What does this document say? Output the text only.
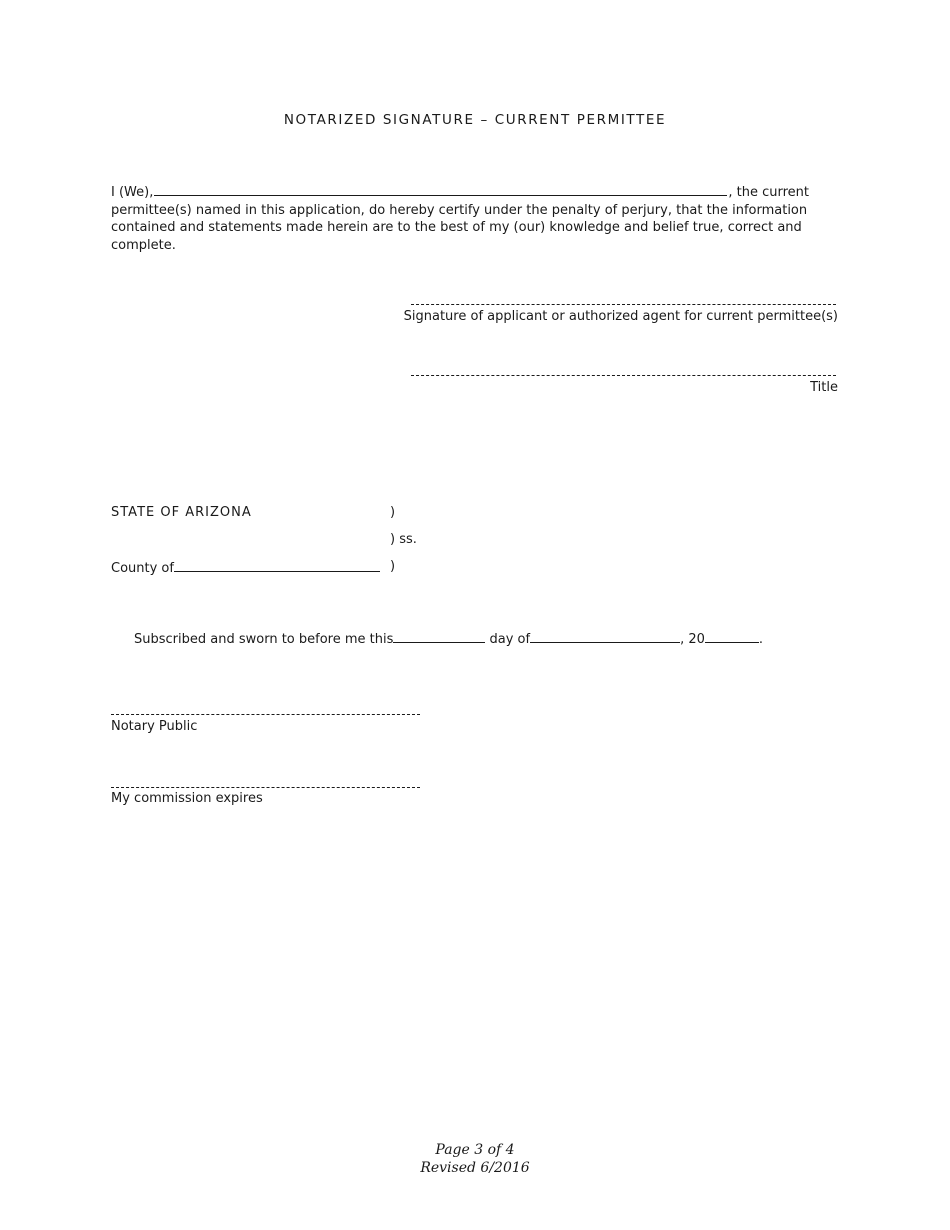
NOTARIZED SIGNATURE – CURRENT PERMITTEE
I (We),	, the current
permittee(s) named in this application, do hereby certify under the penalty of perjury, that the information
contained and statements made herein are to the best of my (our) knowledge and belief true, correct and complete.
Signature of applicant or authorized agent for current permittee(s)
Title
STATE OF ARIZONA	)
) ss.
County of	)
Subscribed and sworn to before me this	day of	, 20	.
Notary Public
My commission expires
Page 3 of 4
Revised 6/2016
